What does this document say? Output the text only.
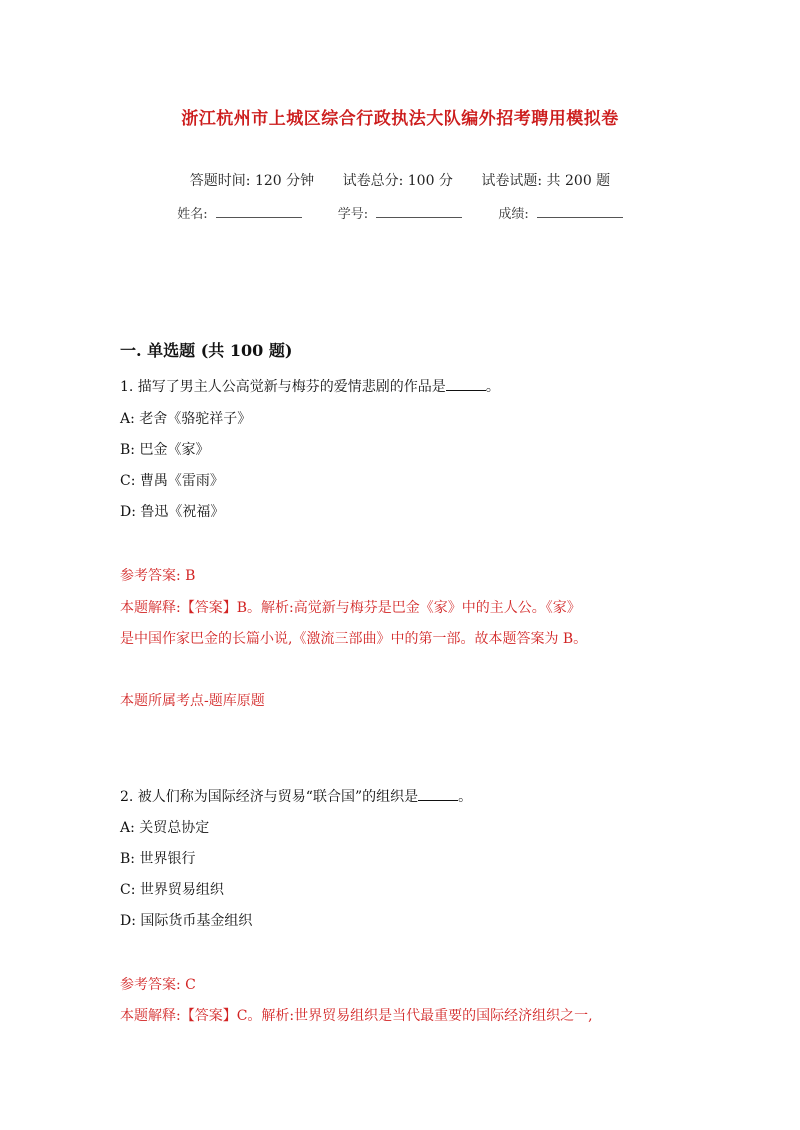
浙江杭州市上城区综合行政执法大队编外招考聘用模拟卷
答题时间: 120 分钟 试卷总分: 100 分 试卷试题: 共 200 题
姓名:	学号:	成绩:
一. 单选题 (共 100 题)
1. 描写了男主人公高觉新与梅芬的爱情悲剧的作品是	。
A: 老舍《骆驼祥子》
B: 巴金《家》
C: 曹禺《雷雨》
D: 鲁迅《祝福》
参考答案: B
本题解释:【答案】B。解析:高觉新与梅芬是巴金《家》中的主人公。《家》
是中国作家巴金的长篇小说,《激流三部曲》中的第一部。故本题答案为 B。
本题所属考点-题库原题
2. 被人们称为国际经济与贸易“联合国”的组织是	。
A: 关贸总协定
B: 世界银行
C: 世界贸易组织
D: 国际货币基金组织
参考答案: C
本题解释:【答案】C。解析:世界贸易组织是当代最重要的国际经济组织之一,
